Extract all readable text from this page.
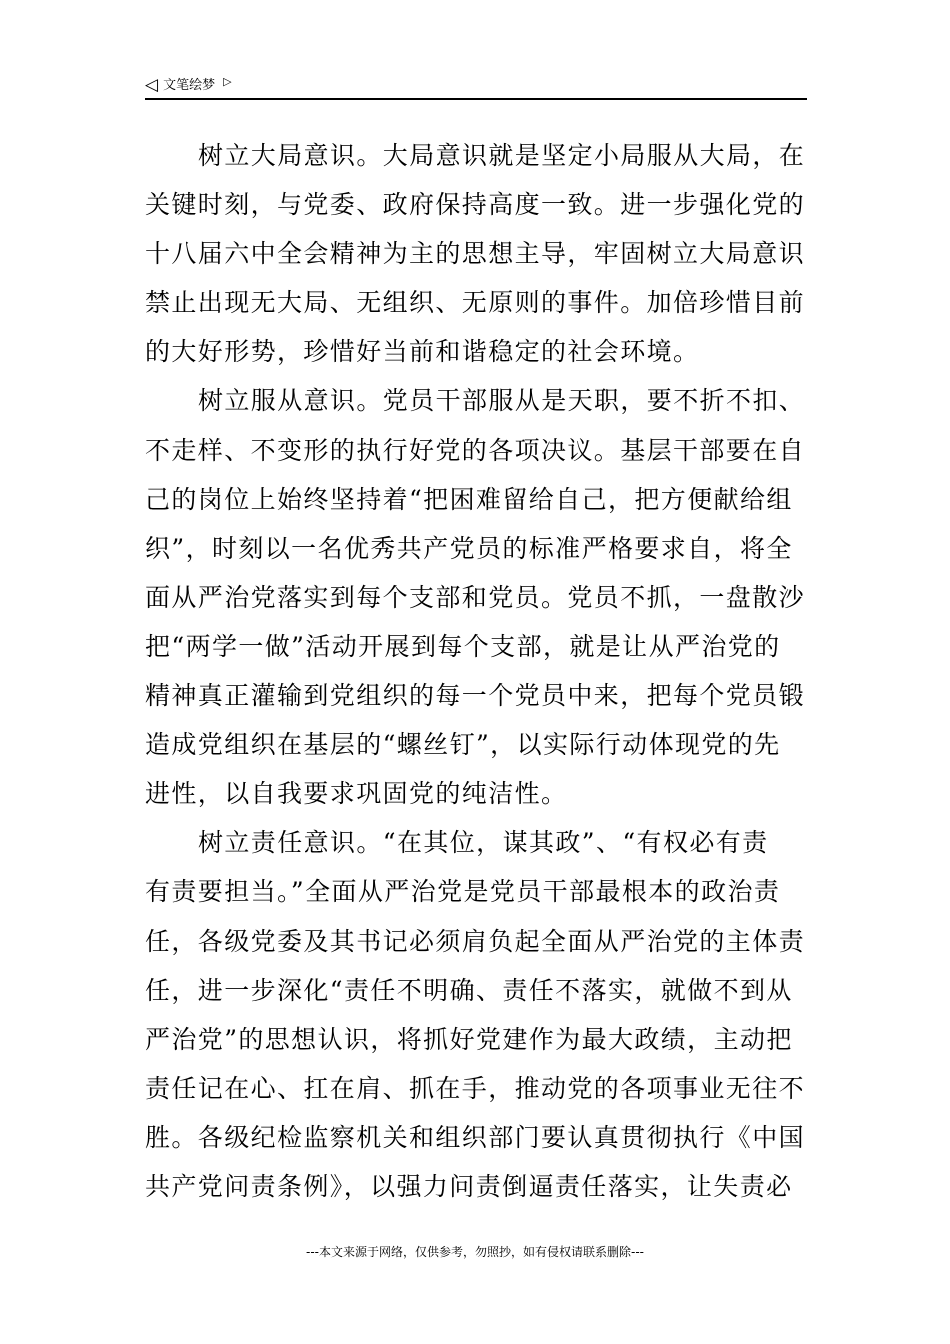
◁ 文笔绘梦 ▷

树立大局意识。大局意识就是坚定小局服从大局，在
关键时刻，与党委、政府保持高度一致。进一步强化党的
十八届六中全会精神为主的思想主导，牢固树立大局意识
禁止出现无大局、无组织、无原则的事件。加倍珍惜目前
的大好形势，珍惜好当前和谐稳定的社会环境。

树立服从意识。党员干部服从是天职，要不折不扣、
不走样、不变形的执行好党的各项决议。基层干部要在自
己的岗位上始终坚持着“把困难留给自己，把方便献给组
织”，时刻以一名优秀共产党员的标准严格要求自，将全
面从严治党落实到每个支部和党员。党员不抓，一盘散沙
把“两学一做”活动开展到每个支部，就是让从严治党的
精神真正灌输到党组织的每一个党员中来，把每个党员锻
造成党组织在基层的“螺丝钉”，以实际行动体现党的先
进性，以自我要求巩固党的纯洁性。

树立责任意识。“在其位，谋其政”、“有权必有责
有责要担当。”全面从严治党是党员干部最根本的政治责
任，各级党委及其书记必须肩负起全面从严治党的主体责
任，进一步深化“责任不明确、责任不落实，就做不到从
严治党”的思想认识，将抓好党建作为最大政绩，主动把
责任记在心、扛在肩、抓在手，推动党的各项事业无往不
胜。各级纪检监察机关和组织部门要认真贯彻执行《中国
共产党问责条例》，以强力问责倒逼责任落实，让失责必

---本文来源于网络，仅供参考，勿照抄，如有侵权请联系删除---
